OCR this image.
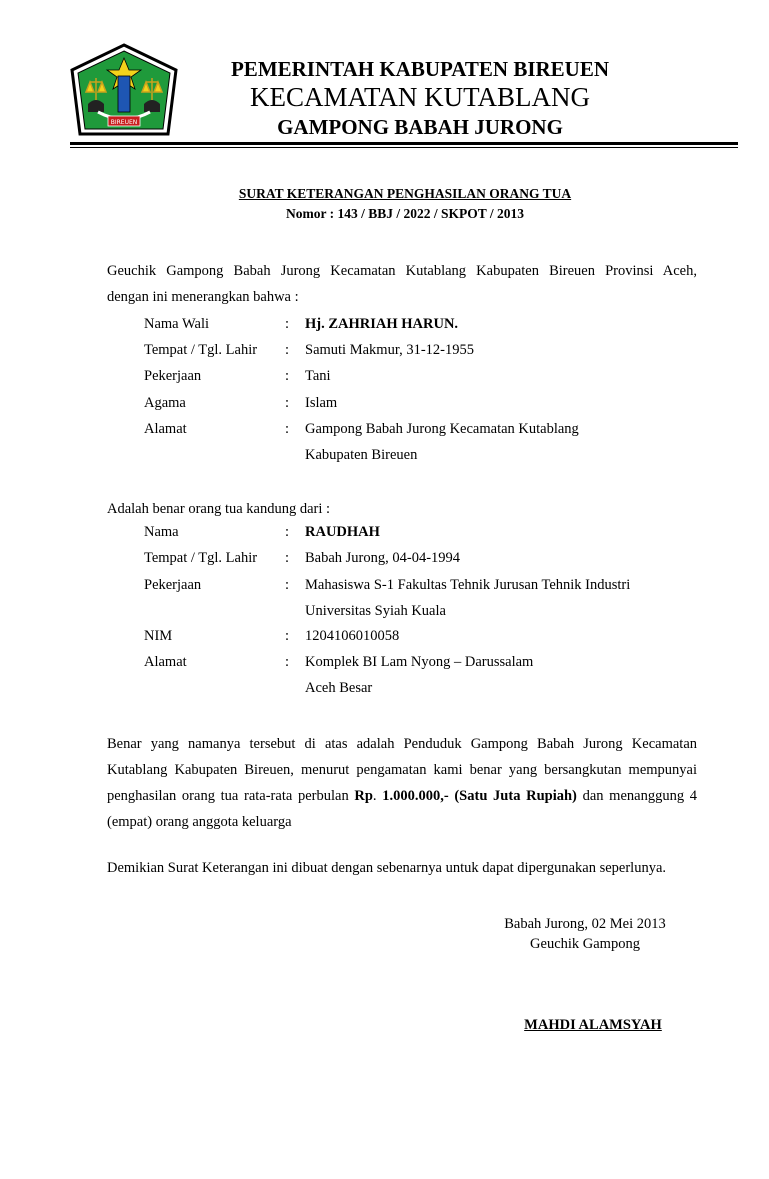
BIREUEN
PEMERINTAH KABUPATEN BIREUEN
KECAMATAN KUTABLANG
GAMPONG BABAH JURONG
SURAT KETERANGAN PENGHASILAN ORANG TUA
Nomor : 143 / BBJ / 2022 / SKPOT / 2013
Geuchik Gampong Babah Jurong Kecamatan Kutablang Kabupaten Bireuen Provinsi Aceh,
dengan ini menerangkan bahwa :
Nama Wali	: Hj. ZAHRIAH HARUN.
Tempat / Tgl. Lahir : Samuti Makmur, 31-12-1955
Pekerjaan	: Tani
Agama	: Islam
Alamat	: Gampong Babah Jurong Kecamatan Kutablang
Kabupaten Bireuen
Adalah benar orang tua kandung dari :
Nama	: RAUDHAH
Tempat / Tgl. Lahir : Babah Jurong, 04-04-1994
Pekerjaan	: Mahasiswa S-1 Fakultas Tehnik Jurusan Tehnik Industri
Universitas Syiah Kuala
NIM	: 1204106010058
Alamat	: Komplek BI Lam Nyong – Darussalam
Aceh Besar
Benar yang namanya tersebut di atas adalah Penduduk Gampong Babah Jurong Kecamatan
Kutablang Kabupaten Bireuen, menurut pengamatan kami benar yang bersangkutan mempunyai
penghasilan orang tua rata-rata perbulan Rp. 1.000.000,- (Satu Juta Rupiah) dan menanggung 4
(empat) orang anggota keluarga
Demikian Surat Keterangan ini dibuat dengan sebenarnya untuk dapat dipergunakan seperlunya.
Babah Jurong, 02 Mei 2013
Geuchik Gampong
MAHDI ALAMSYAH
